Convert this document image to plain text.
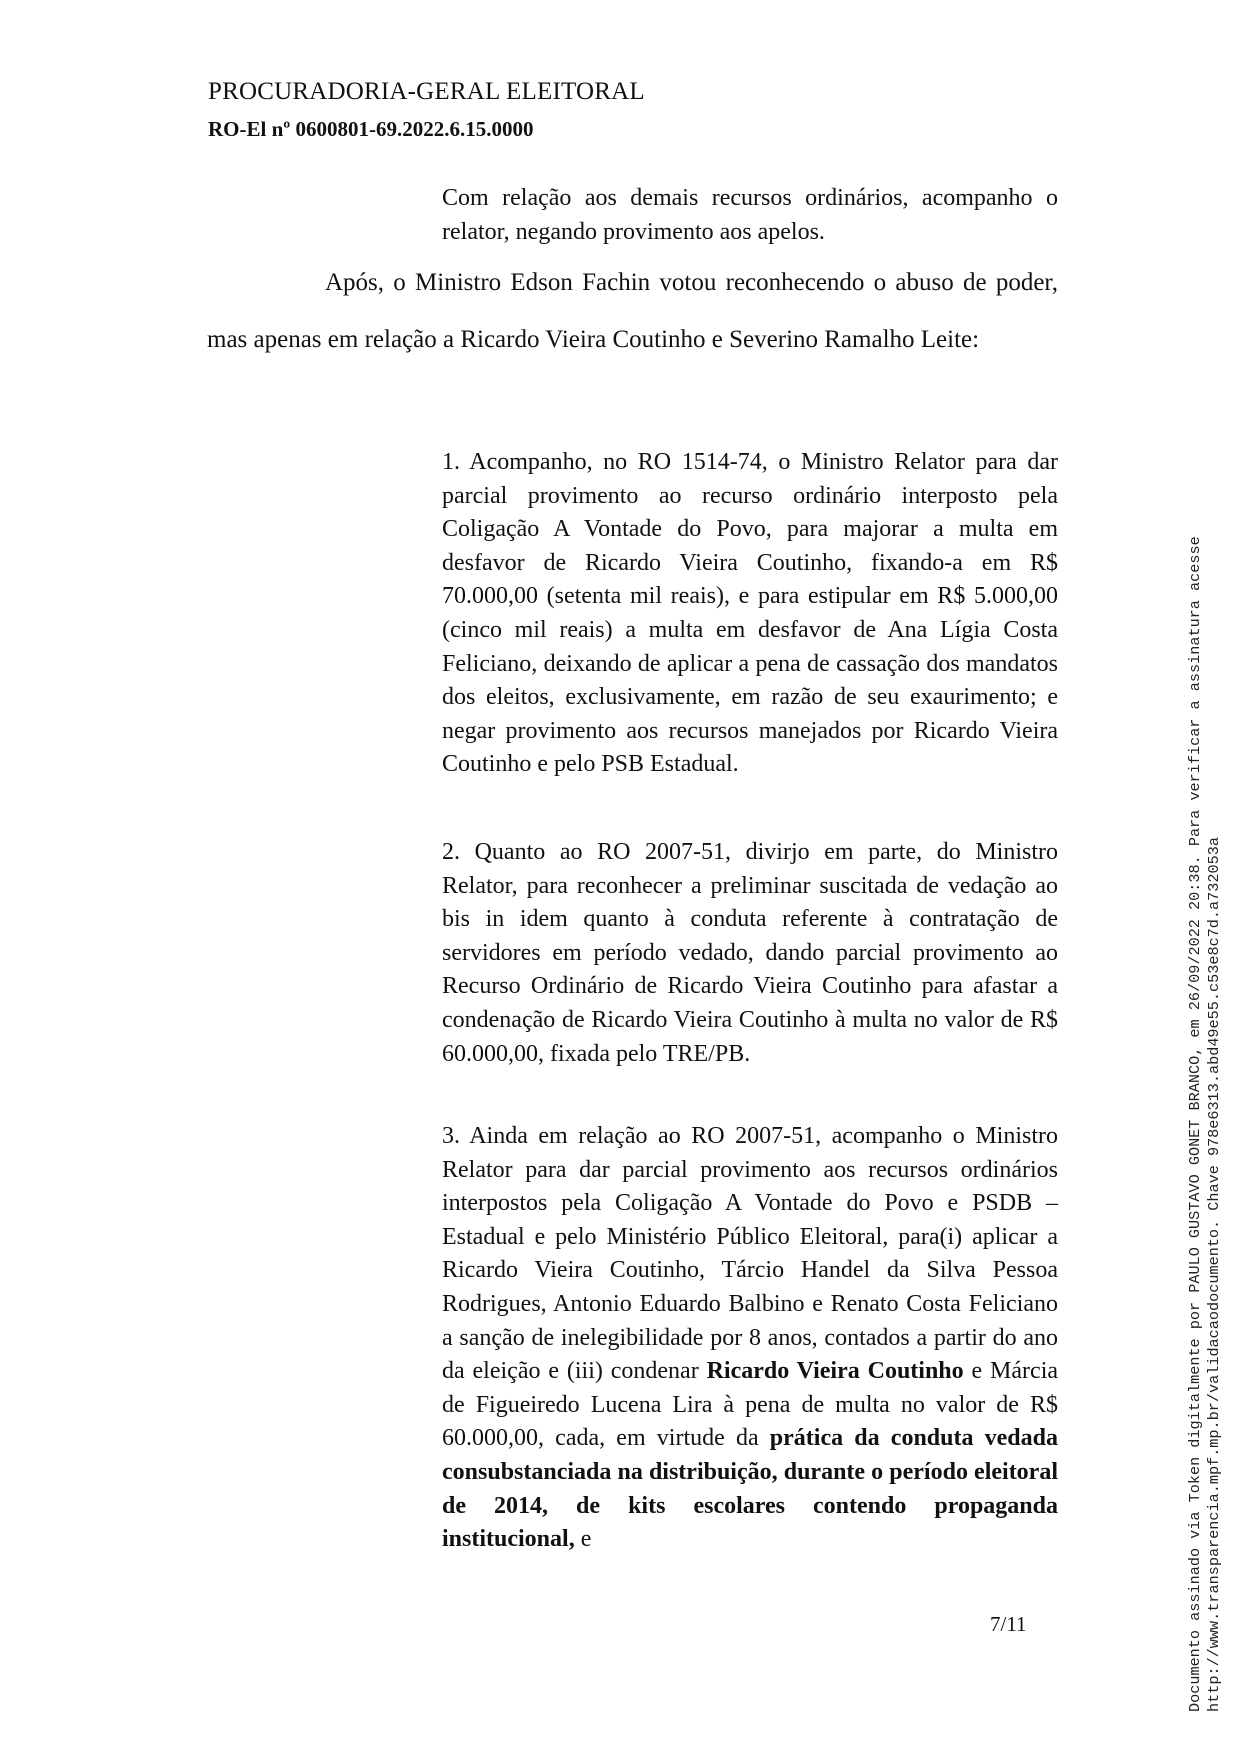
PROCURADORIA-GERAL ELEITORAL
RO-El nº 0600801-69.2022.6.15.0000

Com relação aos demais recursos ordinários, acompanho o relator, negando provimento aos apelos.

Após, o Ministro Edson Fachin votou reconhecendo o abuso de poder, mas apenas em relação a Ricardo Vieira Coutinho e Severino Ramalho Leite:

1. Acompanho, no RO 1514-74, o Ministro Relator para dar parcial provimento ao recurso ordinário interposto pela Coligação A Vontade do Povo, para majorar a multa em desfavor de Ricardo Vieira Coutinho, fixando-a em R$ 70.000,00 (setenta mil reais), e para estipular em R$ 5.000,00 (cinco mil reais) a multa em desfavor de Ana Lígia Costa Feliciano, deixando de aplicar a pena de cassação dos mandatos dos eleitos, exclusivamente, em razão de seu exaurimento; e negar provimento aos recursos manejados por Ricardo Vieira Coutinho e pelo PSB Estadual.

2. Quanto ao RO 2007-51, divirjo em parte, do Ministro Relator, para reconhecer a preliminar suscitada de vedação ao bis in idem quanto à conduta referente à contratação de servidores em período vedado, dando parcial provimento ao Recurso Ordinário de Ricardo Vieira Coutinho para afastar a condenação de Ricardo Vieira Coutinho à multa no valor de R$ 60.000,00, fixada pelo TRE/PB.

3. Ainda em relação ao RO 2007-51, acompanho o Ministro Relator para dar parcial provimento aos recursos ordinários interpostos pela Coligação A Vontade do Povo e PSDB – Estadual e pelo Ministério Público Eleitoral, para(i) aplicar a Ricardo Vieira Coutinho, Tárcio Handel da Silva Pessoa Rodrigues, Antonio Eduardo Balbino e Renato Costa Feliciano a sanção de inelegibilidade por 8 anos, contados a partir do ano da eleição e (iii) condenar Ricardo Vieira Coutinho e Márcia de Figueiredo Lucena Lira à pena de multa no valor de R$ 60.000,00, cada, em virtude da prática da conduta vedada consubstanciada na distribuição, durante o período eleitoral de 2014, de kits escolares contendo propaganda institucional, e

7/11	Documento assinado via Token digitalmente por PAULO GUSTAVO GONET BRANCO, em 26/09/2022 20:38. Para verificar a assinatura acesse http://www.transparencia.mpf.mp.br/validacaodocumento. Chave 978e6313.abd49e55.c53e8c7d.a732053a
